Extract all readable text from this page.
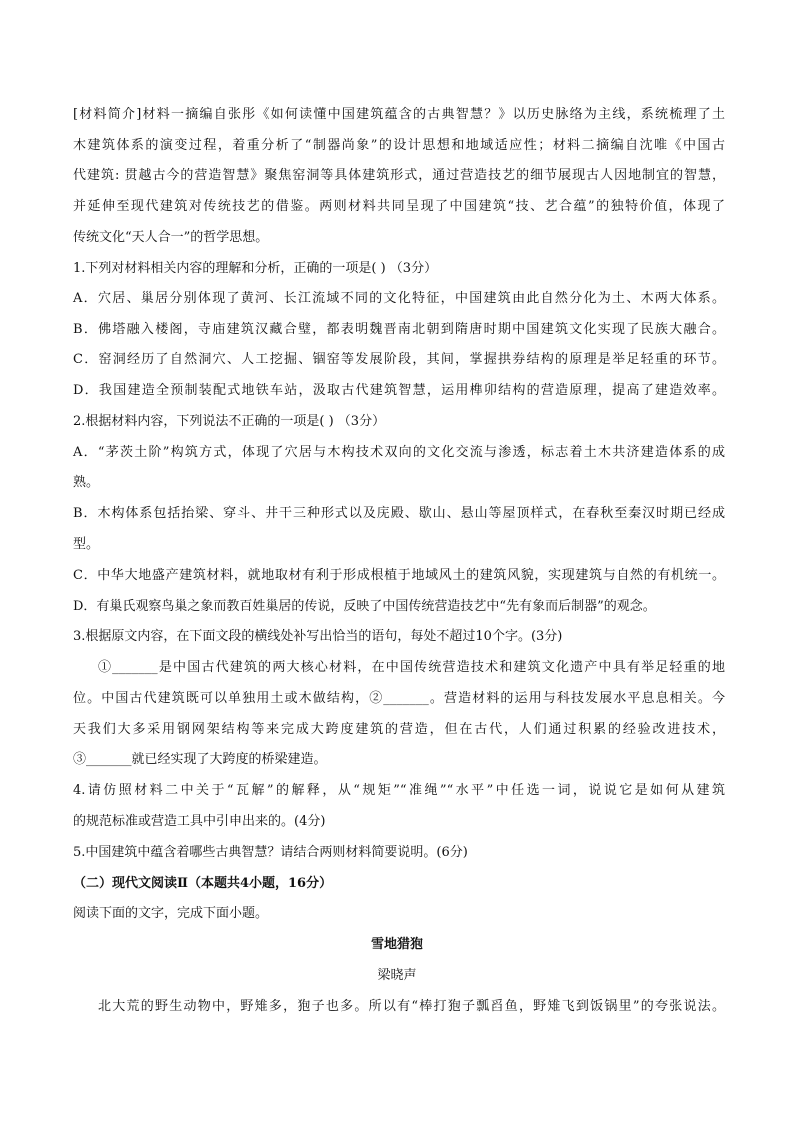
[材料简介]材料一摘编自张彤《如何读懂中国建筑蕴含的古典智慧？》以历史脉络为主线，系统梳理了土
木建筑体系的演变过程，着重分析了“制器尚象”的设计思想和地域适应性；材料二摘编自沈唯《中国古
代建筑: 贯越古今的营造智慧》聚焦窑洞等具体建筑形式，通过营造技艺的细节展现古人因地制宜的智慧，
并延伸至现代建筑对传统技艺的借鉴。两则材料共同呈现了中国建筑“技、艺合蕴”的独特价值，体现了
传统文化“天人合一”的哲学思想。
1.下列对材料相关内容的理解和分析，正确的一项是( ) （3分）
A．穴居、巢居分别体现了黄河、长江流域不同的文化特征，中国建筑由此自然分化为土、木两大体系。
B．佛塔融入楼阁，寺庙建筑汉藏合璧，都表明魏晋南北朝到隋唐时期中国建筑文化实现了民族大融合。
C．窑洞经历了自然洞穴、人工挖掘、锢窑等发展阶段，其间，掌握拱券结构的原理是举足轻重的环节。
D．我国建造全预制装配式地铁车站，汲取古代建筑智慧，运用榫卯结构的营造原理，提高了建造效率。
2.根据材料内容，下列说法不正确的一项是( ) （3分）
A．“茅茨土阶”构筑方式，体现了穴居与木构技术双向的文化交流与渗透，标志着土木共济建造体系的成
熟。
B．木构体系包括抬梁、穿斗、井干三种形式以及庑殿、歇山、悬山等屋顶样式，在春秋至秦汉时期已经成
型。
C．中华大地盛产建筑材料，就地取材有利于形成根植于地域风土的建筑风貌，实现建筑与自然的有机统一。
D．有巢氏观察鸟巢之象而教百姓巢居的传说，反映了中国传统营造技艺中“先有象而后制器”的观念。
3.根据原文内容，在下面文段的横线处补写出恰当的语句，每处不超过10个字。(3分)
①_______是中国古代建筑的两大核心材料，在中国传统营造技术和建筑文化遗产中具有举足轻重的地
位。中国古代建筑既可以单独用土或木做结构，②_______。营造材料的运用与科技发展水平息息相关。今
天我们大多采用钢网架结构等来完成大跨度建筑的营造，但在古代，人们通过积累的经验改进技术，
③_______就已经实现了大跨度的桥梁建造。
4.请仿照材料二中关于“瓦解”的解释，从“规矩”“准绳”“水平”中任选一词，说说它是如何从建筑
的规范标准或营造工具中引申出来的。(4分)
5.中国建筑中蕴含着哪些古典智慧？请结合两则材料简要说明。(6分)
（二）现代文阅读Ⅱ（本题共4小题，16分）
阅读下面的文字，完成下面小题。
雪地猎狍
梁晓声
北大荒的野生动物中，野雉多，狍子也多。所以有“棒打狍子瓢舀鱼，野雉飞到饭锅里”的夸张说法。
